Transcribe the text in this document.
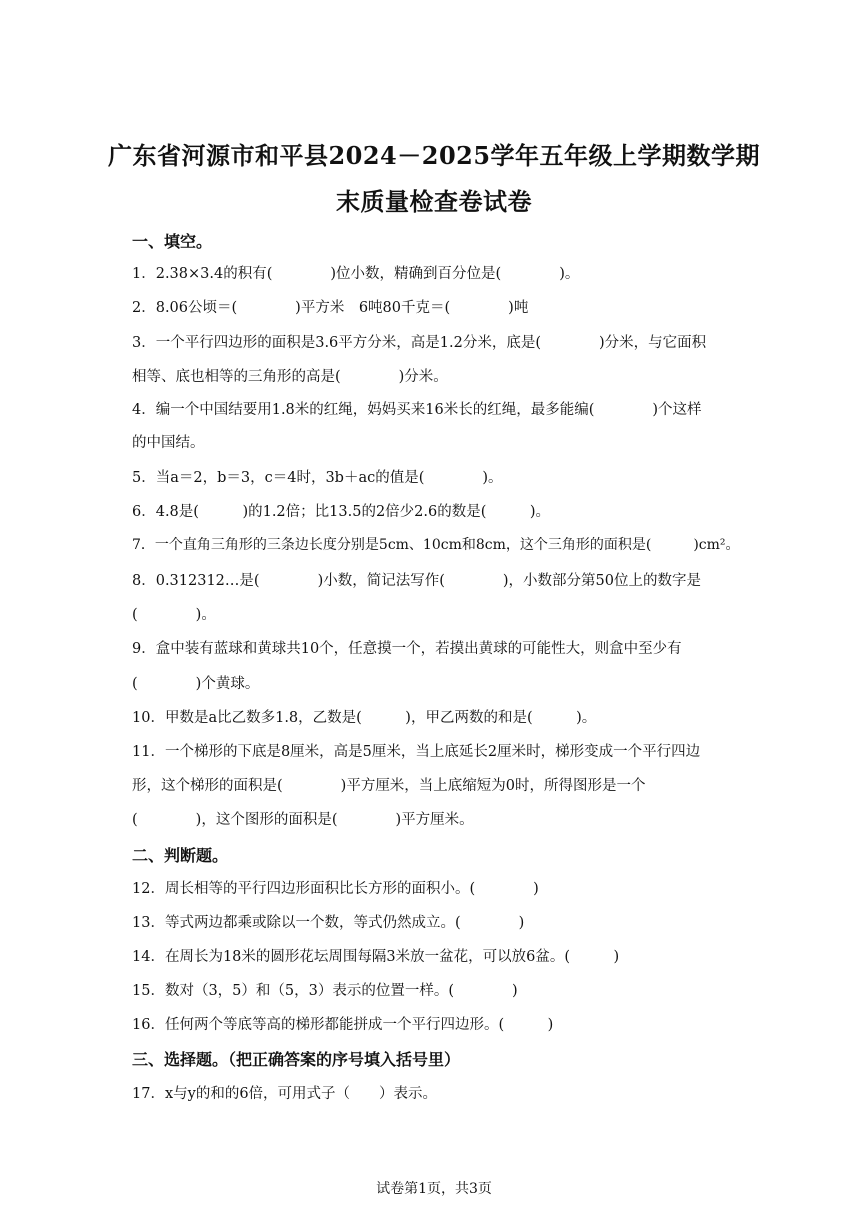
广东省河源市和平县2024－2025学年五年级上学期数学期
末质量检查卷试卷
一、填空。
1．2.38×3.4的积有(　　　　)位小数，精确到百分位是(　　　　)。
2．8.06公顷＝(　　　　)平方米　6吨80千克＝(　　　　)吨
3．一个平行四边形的面积是3.6平方分米，高是1.2分米，底是(　　　　)分米，与它面积
相等、底也相等的三角形的高是(　　　　)分米。
4．编一个中国结要用1.8米的红绳，妈妈买来16米长的红绳，最多能编(　　　　)个这样
的中国结。
5．当a＝2，b＝3，c＝4时，3b＋ac的值是(　　　　)。
6．4.8是(　　　)的1.2倍；比13.5的2倍少2.6的数是(　　　)。
7．一个直角三角形的三条边长度分别是5cm、10cm和8cm，这个三角形的面积是(　　　)cm²。
8．0.312312…是(　　　　)小数，简记法写作(　　　　)，小数部分第50位上的数字是
(　　　　)。
9．盒中装有蓝球和黄球共10个，任意摸一个，若摸出黄球的可能性大，则盒中至少有
(　　　　)个黄球。
10．甲数是a比乙数多1.8，乙数是(　　　)，甲乙两数的和是(　　　)。
11．一个梯形的下底是8厘米，高是5厘米，当上底延长2厘米时，梯形变成一个平行四边
形，这个梯形的面积是(　　　　)平方厘米，当上底缩短为0时，所得图形是一个
(　　　　)，这个图形的面积是(　　　　)平方厘米。
二、判断题。
12．周长相等的平行四边形面积比长方形的面积小。(　　　　)
13．等式两边都乘或除以一个数，等式仍然成立。(　　　　)
14．在周长为18米的圆形花坛周围每隔3米放一盆花，可以放6盆。(　　　)
15．数对（3，5）和（5，3）表示的位置一样。(　　　　)
16．任何两个等底等高的梯形都能拼成一个平行四边形。(　　　)
三、选择题。（把正确答案的序号填入括号里）
17．x与y的和的6倍，可用式子（　　）表示。
试卷第1页，共3页
